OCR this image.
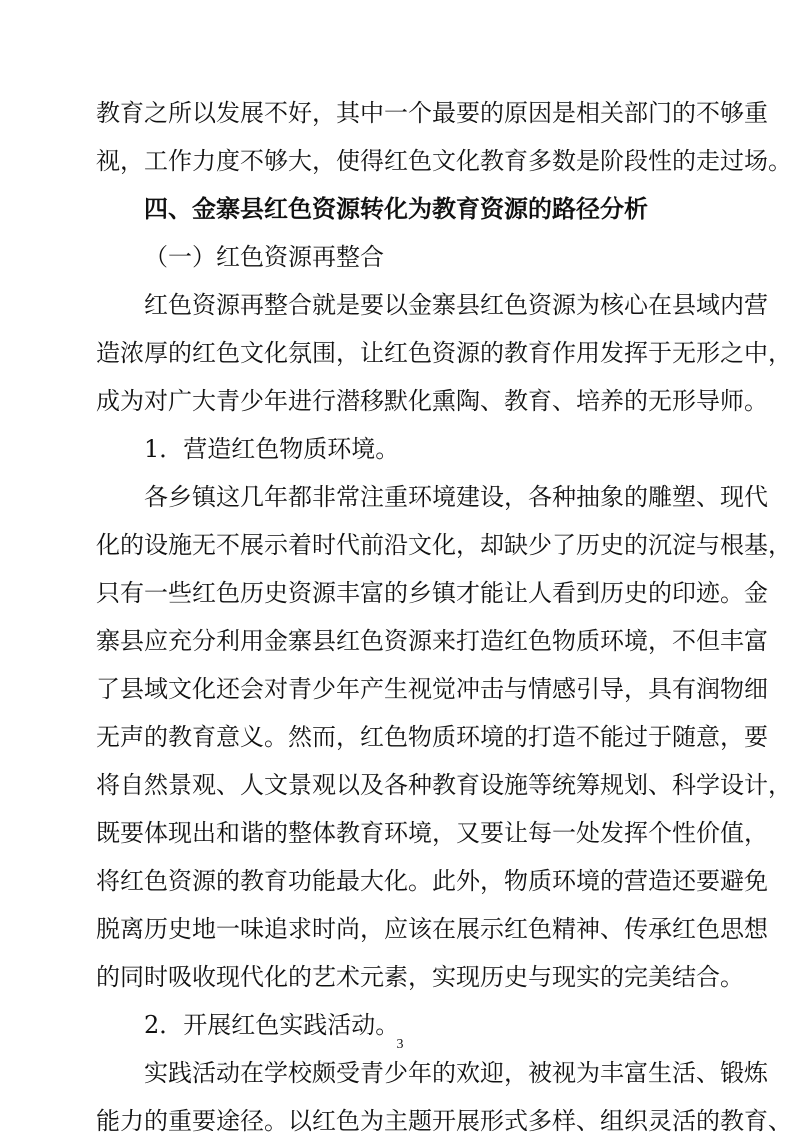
教育之所以发展不好，其中一个最要的原因是相关部门的不够重
视，工作力度不够大，使得红色文化教育多数是阶段性的走过场。
四、金寨县红色资源转化为教育资源的路径分析
（一）红色资源再整合
红色资源再整合就是要以金寨县红色资源为核心在县域内营
造浓厚的红色文化氛围，让红色资源的教育作用发挥于无形之中，
成为对广大青少年进行潜移默化熏陶、教育、培养的无形导师。
1．营造红色物质环境。
各乡镇这几年都非常注重环境建设，各种抽象的雕塑、现代
化的设施无不展示着时代前沿文化，却缺少了历史的沉淀与根基，
只有一些红色历史资源丰富的乡镇才能让人看到历史的印迹。金
寨县应充分利用金寨县红色资源来打造红色物质环境，不但丰富
了县域文化还会对青少年产生视觉冲击与情感引导，具有润物细
无声的教育意义。然而，红色物质环境的打造不能过于随意，要
将自然景观、人文景观以及各种教育设施等统筹规划、科学设计，
既要体现出和谐的整体教育环境，又要让每一处发挥个性价值，
将红色资源的教育功能最大化。此外，物质环境的营造还要避免
脱离历史地一味追求时尚，应该在展示红色精神、传承红色思想
的同时吸收现代化的艺术元素，实现历史与现实的完美结合。
2．开展红色实践活动。
实践活动在学校颇受青少年的欢迎，被视为丰富生活、锻炼
能力的重要途径。以红色为主题开展形式多样、组织灵活的教育、
3
